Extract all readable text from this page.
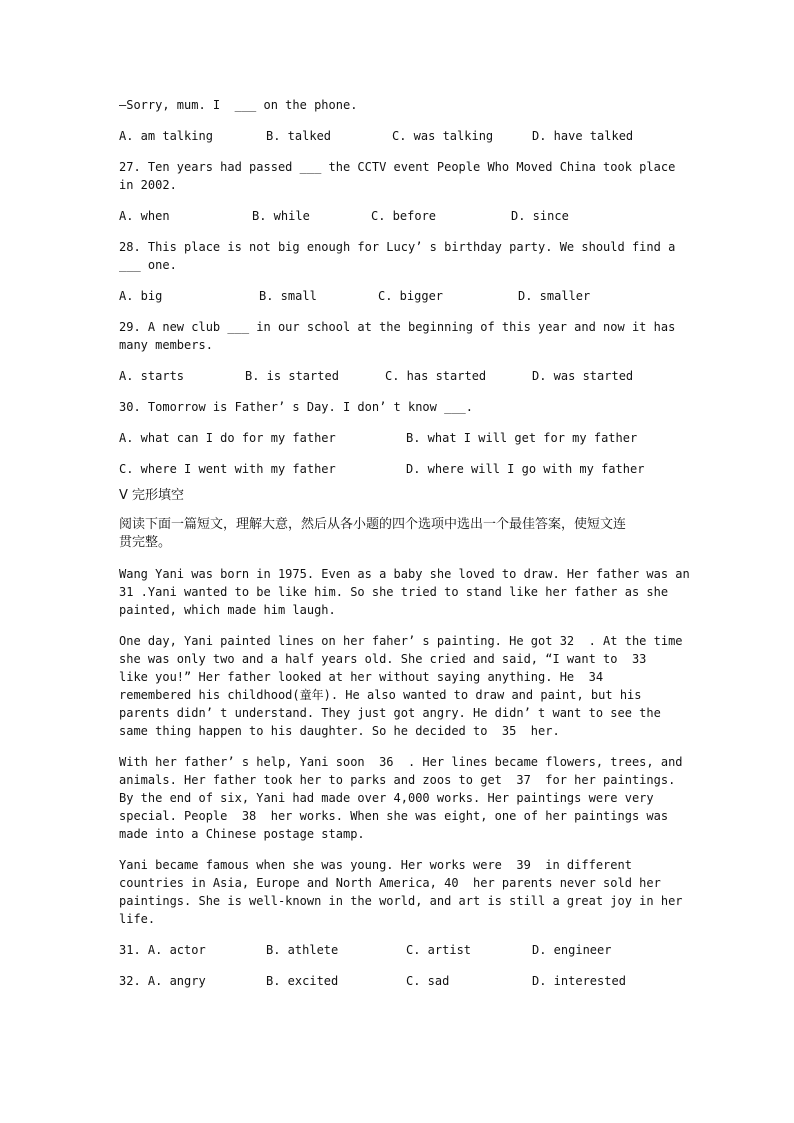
—Sorry, mum. I  ___ on the phone.

A. am talking	B. talked	C. was talking	D. have talked

27. Ten years had passed ___ the CCTV event People Who Moved China took place

in 2002.

A. when	B. while	C. before	D. since

28. This place is not big enough for Lucy’ s birthday party. We should find a

___ one.

A. big	B. small	C. bigger	D. smaller

29. A new club ___ in our school at the beginning of this year and now it has

many members.

A. starts	B. is started	C. has started	D. was started

30. Tomorrow is Father’ s Day. I don’ t know ___.

A. what can I do for my father	B. what I will get for my father
C. where I went with my father	D. where will I go with my father

V 完形填空

阅读下面一篇短文，理解大意，然后从各小题的四个选项中选出一个最佳答案，使短文连

贯完整。

Wang Yani was born in 1975. Even as a baby she loved to draw. Her father was an

31 .Yani wanted to be like him. So she tried to stand like her father as she

painted, which made him laugh.

One day, Yani painted lines on her faher’ s painting. He got 32  . At the time

she was only two and a half years old. She cried and said, “I want to  33

like you!” Her father looked at her without saying anything. He  34

remembered his childhood(童年). He also wanted to draw and paint, but his

parents didn’ t understand. They just got angry. He didn’ t want to see the

same thing happen to his daughter. So he decided to  35  her.

With her father’ s help, Yani soon  36  . Her lines became flowers, trees, and

animals. Her father took her to parks and zoos to get  37  for her paintings.

By the end of six, Yani had made over 4,000 works. Her paintings were very

special. People  38  her works. When she was eight, one of her paintings was

made into a Chinese postage stamp.

Yani became famous when she was young. Her works were  39  in different

countries in Asia, Europe and North America, 40  her parents never sold her

paintings. She is well-known in the world, and art is still a great joy in her

life.

31. A. actor	B. athlete	C. artist	D. engineer
32. A. angry	B. excited	C. sad	D. interested
